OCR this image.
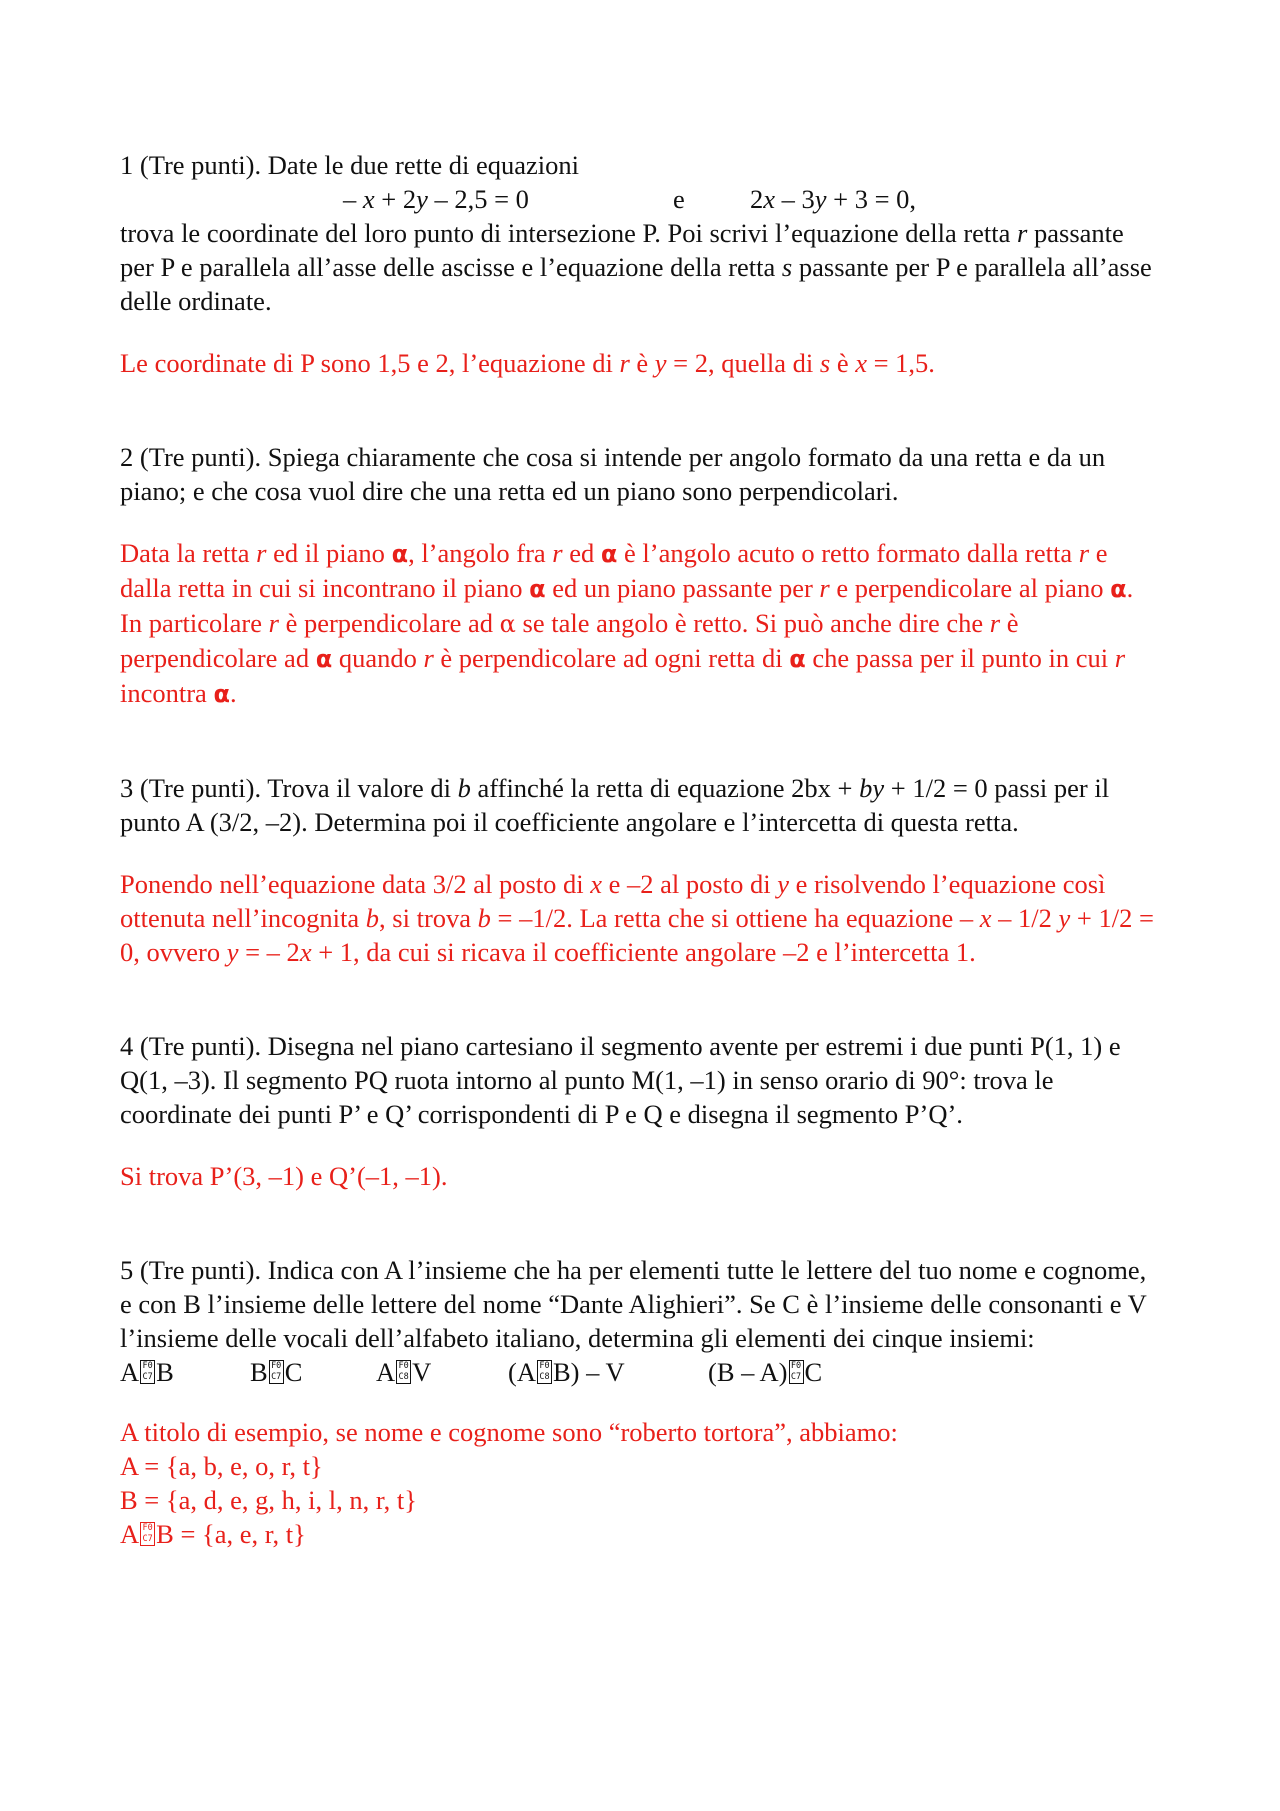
1 (Tre punti). Date le due rette di equazioni

– x + 2y – 2,5 = 0	e 2x – 3y + 3 = 0,

trova le coordinate del loro punto di intersezione P. Poi scrivi l’equazione della retta r passante per P e parallela all’asse delle ascisse e l’equazione della retta s passante per P e parallela all’asse delle ordinate.

Le coordinate di P sono 1,5 e 2, l’equazione di r è y = 2, quella di s è x = 1,5.

2 (Tre punti). Spiega chiaramente che cosa si intende per angolo formato da una retta e da un piano; e che cosa vuol dire che una retta ed un piano sono perpendicolari.

Data la retta r ed il piano α, l’angolo fra r ed α è l’angolo acuto o retto formato dalla retta r e dalla retta in cui si incontrano il piano α ed un piano passante per r e perpendicolare al piano α. In particolare r è perpendicolare ad α se tale angolo è retto. Si può anche dire che r è perpendicolare ad α quando r è perpendicolare ad ogni retta di α che passa per il punto in cui r incontra α.

3 (Tre punti). Trova il valore di b affinché la retta di equazione 2bx + by + 1/2 = 0 passi per il punto A (3/2, –2). Determina poi il coefficiente angolare e l’intercetta di questa retta.

Ponendo nell’equazione data 3/2 al posto di x e –2 al posto di y e risolvendo l’equazione così ottenuta nell’incognita b, si trova b = –1/2. La retta che si ottiene ha equazione – x – 1/2 y + 1/2 = 0, ovvero y = – 2x + 1, da cui si ricava il coefficiente angolare –2 e l’intercetta 1.

4 (Tre punti). Disegna nel piano cartesiano il segmento avente per estremi i due punti P(1, 1) e Q(1, –3). Il segmento PQ ruota intorno al punto M(1, –1) in senso orario di 90°: trova le coordinate dei punti P’ e Q’ corrispondenti di P e Q e disegna il segmento P’Q’.

Si trova P’(3, –1) e Q’(–1, –1).

5 (Tre punti). Indica con A l’insieme che ha per elementi tutte le lettere del tuo nome e cognome, e con B l’insieme delle lettere del nome “Dante Alighieri”. Se C è l’insieme delle consonanti e V l’insieme delle vocali dell’alfabeto italiano, determina gli elementi dei cinque insiemi:

A F0
C7 B	B F0
C7 C	A F0
C8 V	(A F0
C8 B) – V	(B – A) F0
C7 C

A titolo di esempio, se nome e cognome sono “roberto tortora”, abbiamo:

A = {a, b, e, o, r, t}

B = {a, d, e, g, h, i, l, n, r, t}

A F0
C7 B = {a, e, r, t}
